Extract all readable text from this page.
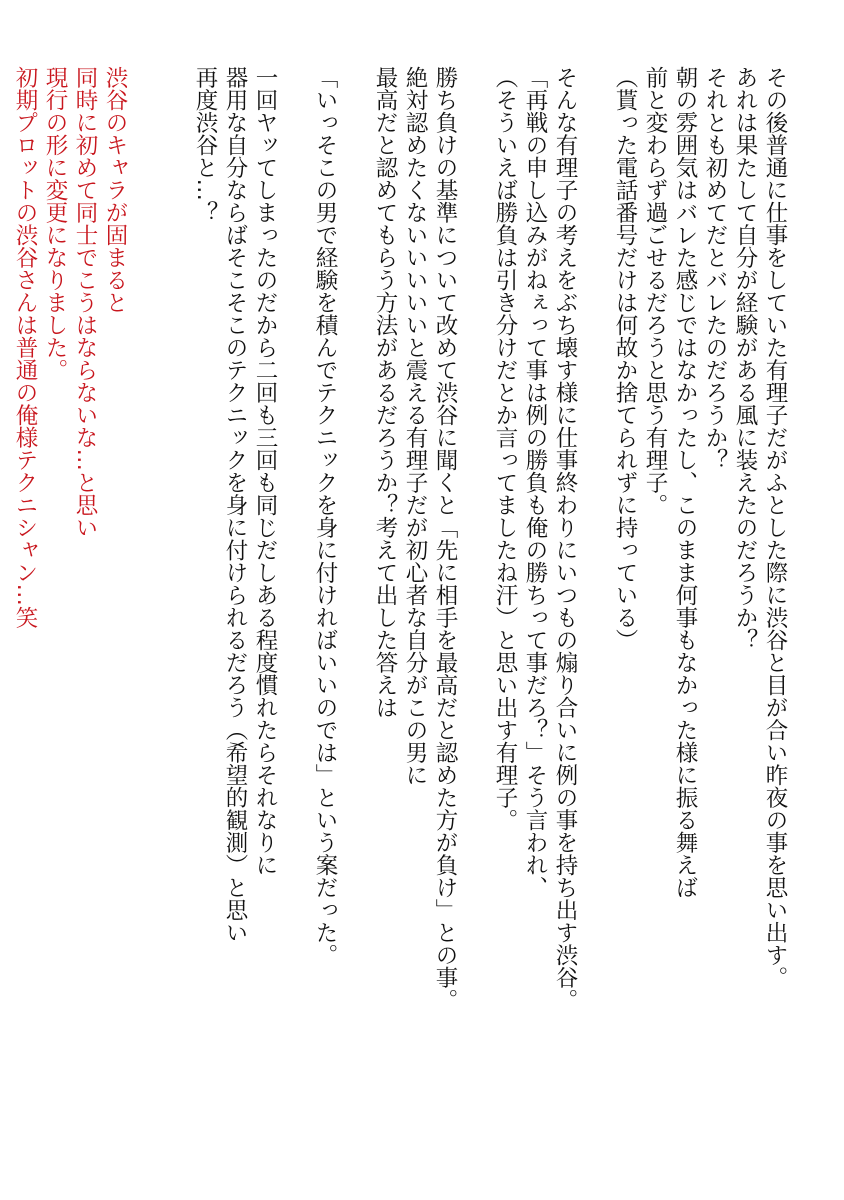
その後普通に仕事をしていた有理子だがふとした際に渋谷と目が合い昨夜の事を思い出す。
あれは果たして自分が経験がある風に装えたのだろうか？
それとも初めてだとバレたのだろうか？
朝の雰囲気はバレた感じではなかったし、このまま何事もなかった様に振る舞えば
前と変わらず過ごせるだろうと思う有理子。
（貰った電話番号だけは何故か捨てられずに持っている）
そんな有理子の考えをぶち壊す様に仕事終わりにいつもの煽り合いに例の事を持ち出す渋谷。
「再戦の申し込みがねぇって事は例の勝負も俺の勝ちって事だろ？」そう言われ、
（そういえば勝負は引き分けだとか言ってましたね汗）と思い出す有理子。
勝ち負けの基準について改めて渋谷に聞くと「先に相手を最高だと認めた方が負け」との事。
絶対認めたくないいいいいと震える有理子だが初心者な自分がこの男に
最高だと認めてもらう方法があるだろうか？考えて出した答えは
「いっそこの男で経験を積んでテクニックを身に付ければいいのでは」という案だった。
一回ヤッてしまったのだから二回も三回も同じだしある程度慣れたらそれなりに
器用な自分ならばそこそこのテクニックを身に付けられるだろう（希望的観測）と思い
再度渋谷と…？
渋谷のキャラが固まると
同時に初めて同士でこうはならないな…と思い
現行の形に変更になりました。
初期プロットの渋谷さんは普通の俺様テクニシャン…笑
